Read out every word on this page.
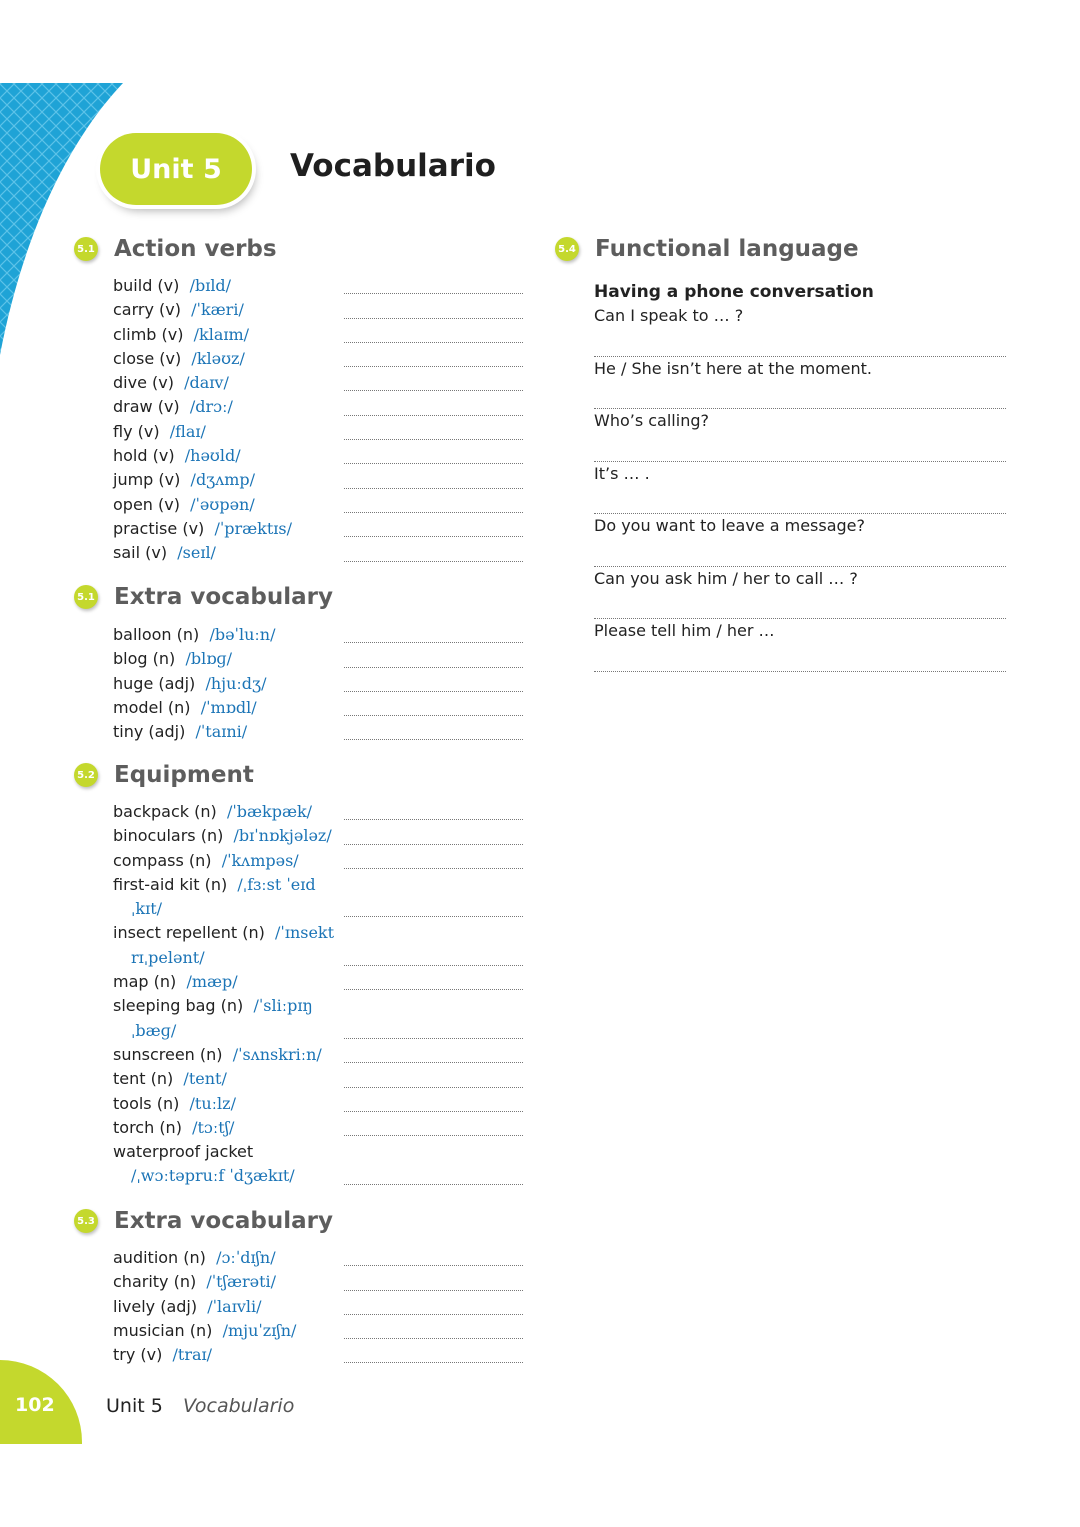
Unit 5 Vocabulario
5.1 Action verbs
build (v) /bɪld/
carry (v) /ˈkæri/
climb (v) /klaɪm/
close (v) /kləʊz/
dive (v) /daɪv/
draw (v) /drɔː/
fly (v) /flaɪ/
hold (v) /həʊld/
jump (v) /dʒʌmp/
open (v) /ˈəʊpən/
practise (v) /ˈpræktɪs/
sail (v) /seɪl/
5.1 Extra vocabulary
balloon (n) /bəˈluːn/
blog (n) /blɒɡ/
huge (adj) /hjuːdʒ/
model (n) /ˈmɒdl/
tiny (adj) /ˈtaɪni/
5.2 Equipment
backpack (n) /ˈbækpæk/
binoculars (n) /bɪˈnɒkjələz/
compass (n) /ˈkʌmpəs/
first-aid kit (n) /ˌfɜːst ˈeɪd
ˌkɪt/
insect repellent (n) /ˈɪnsekt
rɪˌpelənt/
map (n) /mæp/
sleeping bag (n) /ˈsliːpɪŋ
ˌbæɡ/
sunscreen (n) /ˈsʌnskriːn/
tent (n) /tent/
tools (n) /tuːlz/
torch (n) /tɔːtʃ/
waterproof jacket
/ˌwɔːtəpruːf ˈdʒækɪt/
5.3 Extra vocabulary
audition (n) /ɔːˈdɪʃn/
charity (n) /ˈtʃærəti/
lively (adj) /ˈlaɪvli/
musician (n) /mjuˈzɪʃn/
try (v) /traɪ/
5.4 Functional language
Having a phone conversation
Can I speak to … ?
He / She isn’t here at the moment.
Who’s calling?
It’s … .
Do you want to leave a message?
Can you ask him / her to call … ?
Please tell him / her …
102	Unit 5 Vocabulario
